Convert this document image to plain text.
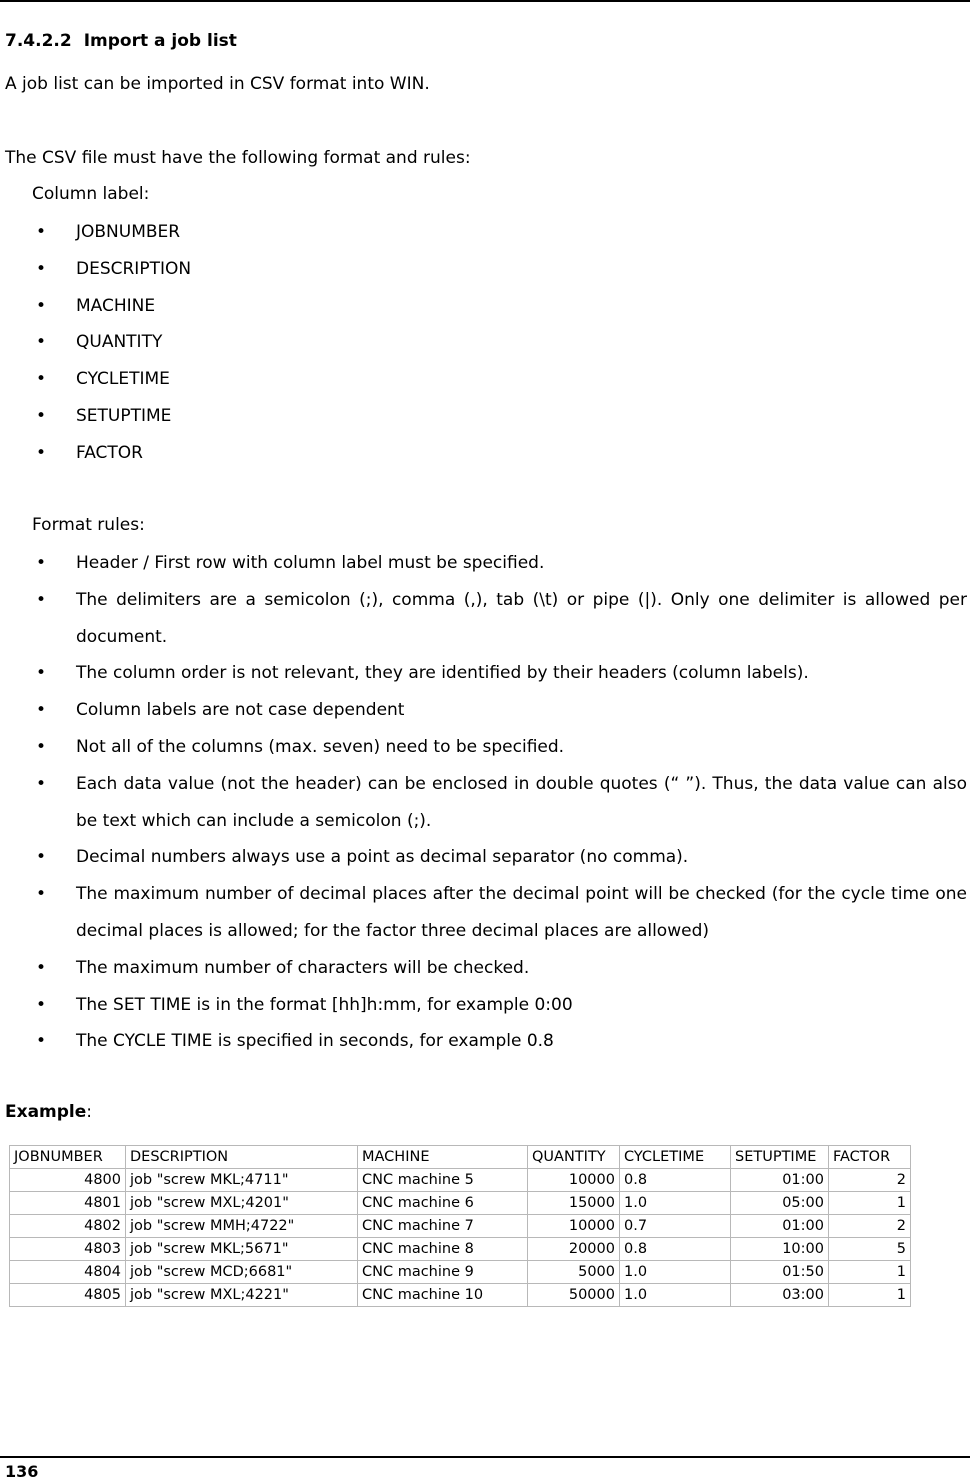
7.4.2.2 Import a job list
A job list can be imported in CSV format into WIN.
The CSV file must have the following format and rules:
Column label:
• JOBNUMBER
• DESCRIPTION
• MACHINE
• QUANTITY
• CYCLETIME
• SETUPTIME
• FACTOR
Format rules:
• Header / First row with column label must be specified.
• The delimiters are a semicolon (;), comma (,), tab (\t) or pipe (|). Only one delimiter is allowed per document.
• The column order is not relevant, they are identified by their headers (column labels).
• Column labels are not case dependent
• Not all of the columns (max. seven) need to be specified.
• Each data value (not the header) can be enclosed in double quotes (“ ”). Thus, the data value can also be text which can include a semicolon (;).
• Decimal numbers always use a point as decimal separator (no comma).
• The maximum number of decimal places after the decimal point will be checked (for the cycle time one decimal places is allowed; for the factor three decimal places are allowed)
• The maximum number of characters will be checked.
• The SET TIME is in the format [hh]h:mm, for example 0:00
• The CYCLE TIME is specified in seconds, for example 0.8
Example:
JOBNUMBER	DESCRIPTION	MACHINE	QUANTITY	CYCLETIME	SETUPTIME	FACTOR
4800	job "screw MKL;4711"	CNC machine 5	10000	0.8	01:00	2
4801	job "screw MXL;4201"	CNC machine 6	15000	1.0	05:00	1
4802	job "screw MMH;4722"	CNC machine 7	10000	0.7	01:00	2
4803	job "screw MKL;5671"	CNC machine 8	20000	0.8	10:00	5
4804	job "screw MCD;6681"	CNC machine 9	5000	1.0	01:50	1
4805	job "screw MXL;4221"	CNC machine 10	50000	1.0	03:00	1
136
